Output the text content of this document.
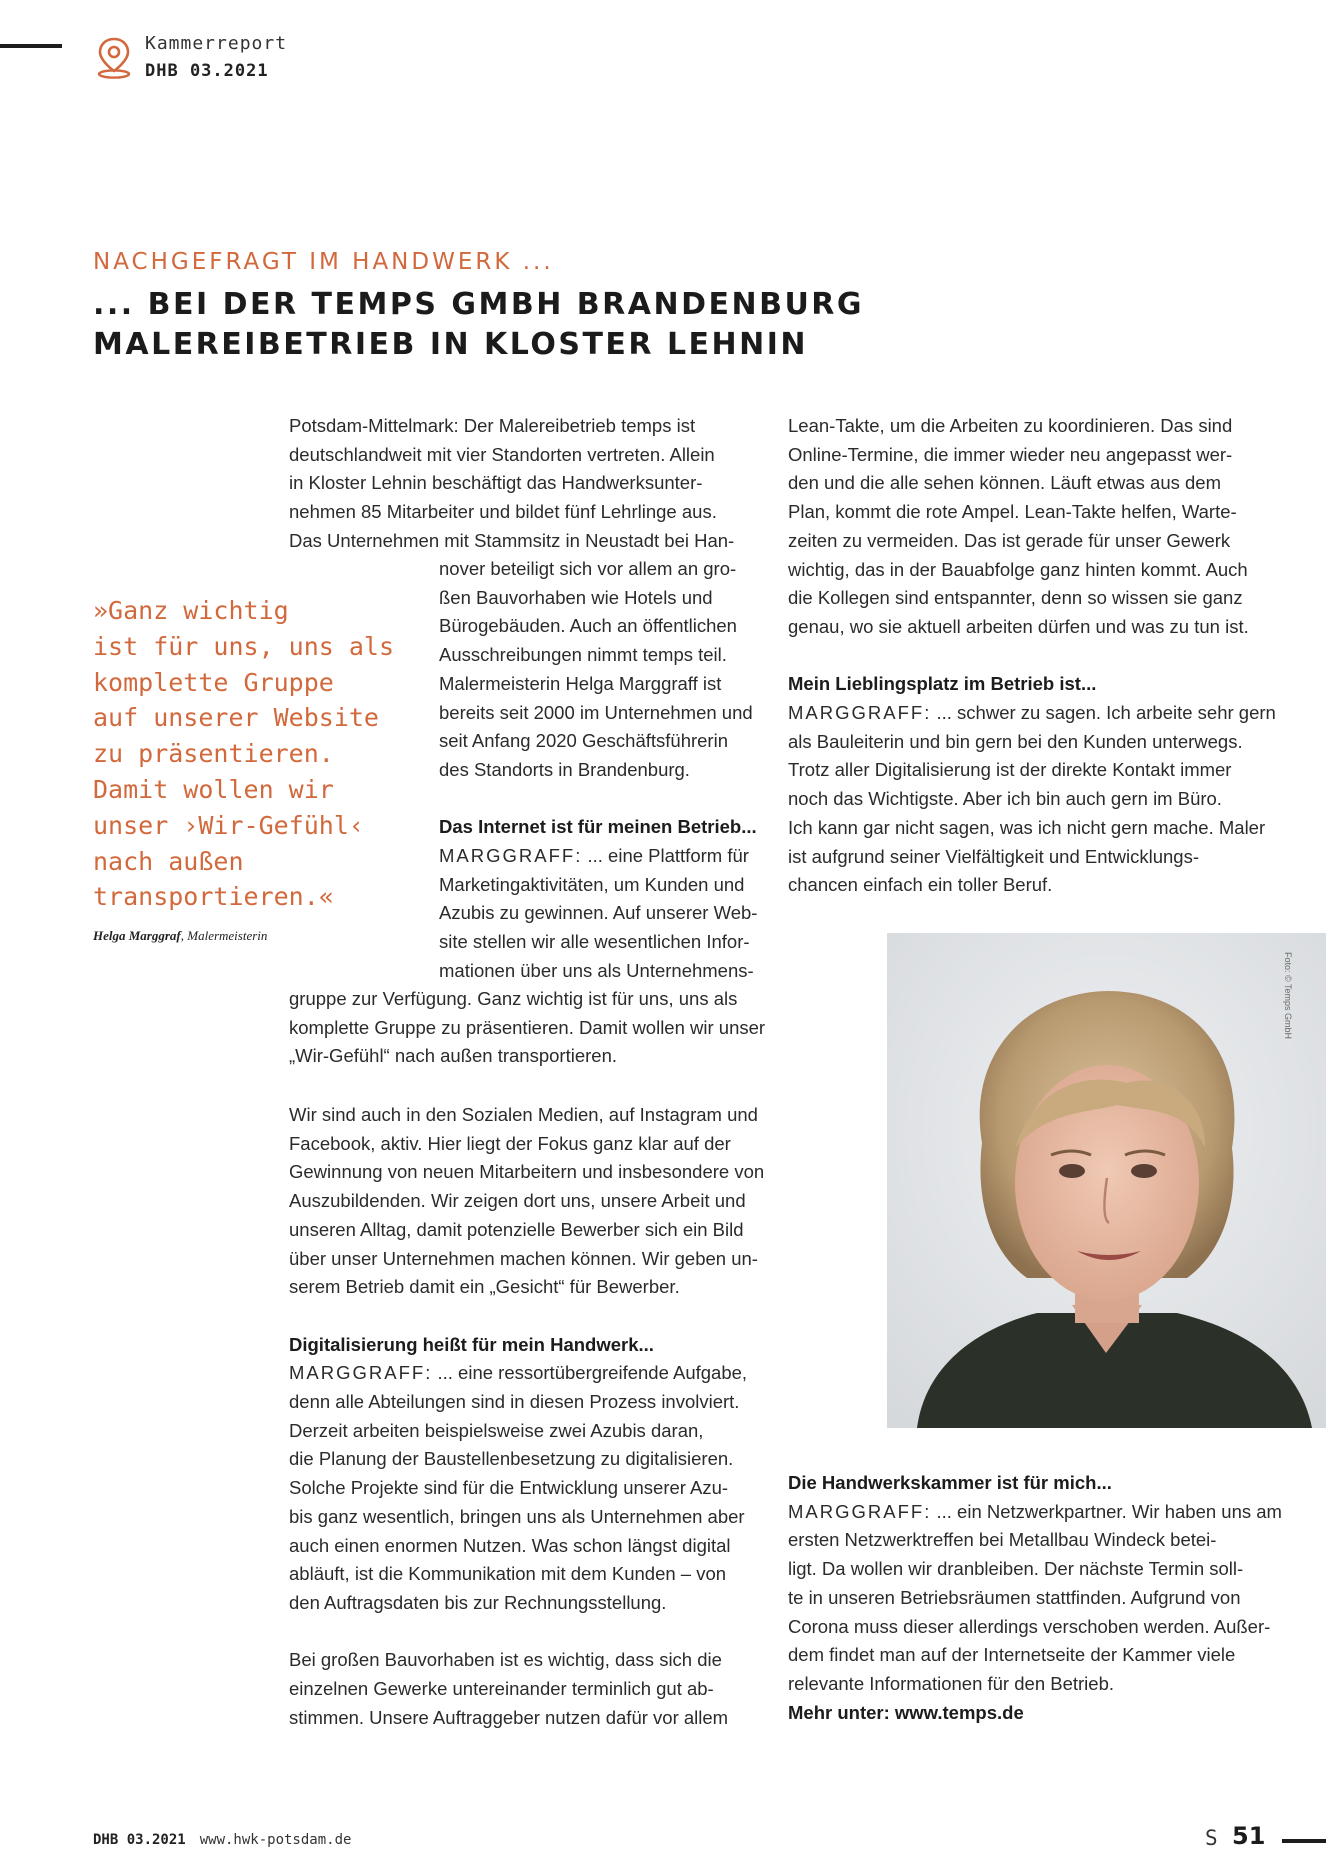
Kammerreport
DHB 03.2021
NACHGEFRAGT IM HANDWERK ...
... BEI DER TEMPS GMBH BRANDENBURG
MALEREIBETRIEB IN KLOSTER LEHNIN
»Ganz wichtig
ist für uns, uns als
komplette Gruppe
auf unserer Website
zu präsentieren.
Damit wollen wir
unser ›Wir-Gefühl‹
nach außen
transportieren.«
Helga Marggraf, Malermeisterin
Potsdam-Mittelmark: Der Malereibetrieb temps ist
deutschlandweit mit vier Standorten vertreten. Allein
in Kloster Lehnin beschäftigt das Handwerksunter-
nehmen 85 Mitarbeiter und bildet fünf Lehrlinge aus.
Das Unternehmen mit Stammsitz in Neustadt bei Han-
nover beteiligt sich vor allem an gro-
ßen Bauvorhaben wie Hotels und
Bürogebäuden. Auch an öffentlichen
Ausschreibungen nimmt temps teil.
Malermeisterin Helga Marggraff ist
bereits seit 2000 im Unternehmen und
seit Anfang 2020 Geschäftsführerin
des Standorts in Brandenburg.
Das Internet ist für meinen Betrieb...
MARGGRAFF: ... eine Plattform für
Marketingaktivitäten, um Kunden und
Azubis zu gewinnen. Auf unserer Web-
site stellen wir alle wesentlichen Infor-
mationen über uns als Unternehmens-
gruppe zur Verfügung. Ganz wichtig ist für uns, uns als
komplette Gruppe zu präsentieren. Damit wollen wir unser
„Wir-Gefühl“ nach außen transportieren.
Wir sind auch in den Sozialen Medien, auf Instagram und
Facebook, aktiv. Hier liegt der Fokus ganz klar auf der
Gewinnung von neuen Mitarbeitern und insbesondere von
Auszubildenden. Wir zeigen dort uns, unsere Arbeit und
unseren Alltag, damit potenzielle Bewerber sich ein Bild
über unser Unternehmen machen können. Wir geben un-
serem Betrieb damit ein „Gesicht“ für Bewerber.
Digitalisierung heißt für mein Handwerk...
MARGGRAFF: ... eine ressortübergreifende Aufgabe,
denn alle Abteilungen sind in diesen Prozess involviert.
Derzeit arbeiten beispielsweise zwei Azubis daran,
die Planung der Baustellenbesetzung zu digitalisieren.
Solche Projekte sind für die Entwicklung unserer Azu-
bis ganz wesentlich, bringen uns als Unternehmen aber
auch einen enormen Nutzen. Was schon längst digital
abläuft, ist die Kommunikation mit dem Kunden – von
den Auftragsdaten bis zur Rechnungsstellung.
Bei großen Bauvorhaben ist es wichtig, dass sich die
einzelnen Gewerke untereinander terminlich gut ab-
stimmen. Unsere Auftraggeber nutzen dafür vor allem
Lean-Takte, um die Arbeiten zu koordinieren. Das sind
Online-Termine, die immer wieder neu angepasst wer-
den und die alle sehen können. Läuft etwas aus dem
Plan, kommt die rote Ampel. Lean-Takte helfen, Warte-
zeiten zu vermeiden. Das ist gerade für unser Gewerk
wichtig, das in der Bauabfolge ganz hinten kommt. Auch
die Kollegen sind entspannter, denn so wissen sie ganz
genau, wo sie aktuell arbeiten dürfen und was zu tun ist.
Mein Lieblingsplatz im Betrieb ist...
MARGGRAFF: ... schwer zu sagen. Ich arbeite sehr gern
als Bauleiterin und bin gern bei den Kunden unterwegs.
Trotz aller Digitalisierung ist der direkte Kontakt immer
noch das Wichtigste. Aber ich bin auch gern im Büro.
Ich kann gar nicht sagen, was ich nicht gern mache. Maler
ist aufgrund seiner Vielfältigkeit und Entwicklungs-
chancen einfach ein toller Beruf.
Foto: © Temps GmbH
Die Handwerkskammer ist für mich...
MARGGRAFF: ... ein Netzwerkpartner. Wir haben uns am
ersten Netzwerktreffen bei Metallbau Windeck betei-
ligt. Da wollen wir dranbleiben. Der nächste Termin soll-
te in unseren Betriebsräumen stattfinden. Aufgrund von
Corona muss dieser allerdings verschoben werden. Außer-
dem findet man auf der Internetseite der Kammer viele
relevante Informationen für den Betrieb.
Mehr unter: www.temps.de
DHB 03.2021 www.hwk-potsdam.de	S 51
